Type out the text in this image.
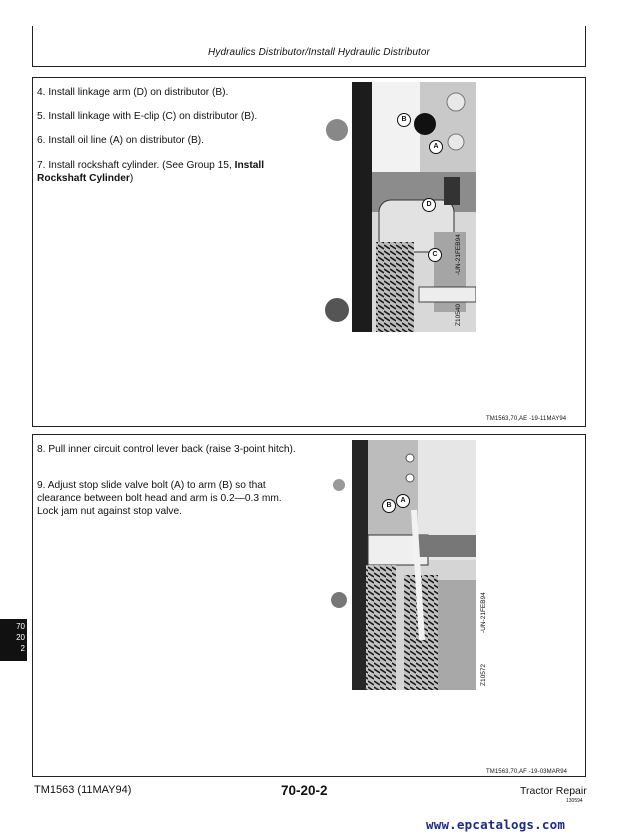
Hydraulics Distributor/Install Hydraulic Distributor

4. Install linkage arm (D) on distributor (B).

5. Install linkage with E-clip (C) on distributor (B).

6. Install oil line (A) on distributor (B).

7. Install rockshaft cylinder. (See Group 15, Install Rockshaft Cylinder)

B
A
D
C	-UN-21FEB94
Z10540
TM1563,70,AE -19-11MAY94

8. Pull inner circuit control lever back (raise 3-point hitch).

9. Adjust stop slide valve bolt (A) to arm (B) so that clearance between bolt head and arm is 0.2—0.3 mm. Lock jam nut against stop valve.

B
A
-UN-21FEB94
Z10572
TM1563,70,AF -19-03MAR94
70
20
2
TM1563 (11MAY94)	70-20-2	Tractor Repair
130594
www.epcatalogs.com
